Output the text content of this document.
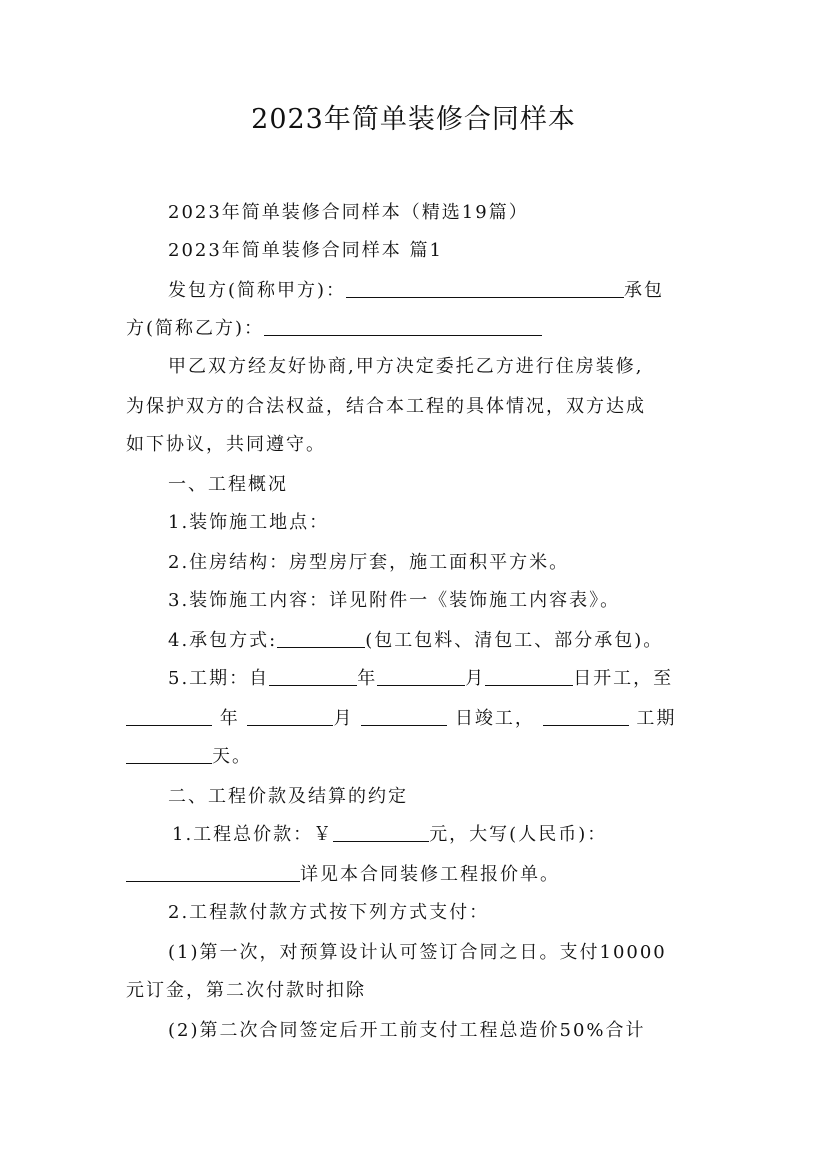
2023年简单装修合同样本
2023年简单装修合同样本（精选19篇）
2023年简单装修合同样本 篇1
发包方(简称甲方)：	承包
方(简称乙方)：
甲乙双方经友好协商,甲方决定委托乙方进行住房装修,
为保护双方的合法权益，结合本工程的具体情况，双方达成
如下协议，共同遵守。
一、工程概况
1.装饰施工地点：
2.住房结构：房型房厅套，施工面积平方米。
3.装饰施工内容：详见附件一《装饰施工内容表》。
4.承包方式:	(包工包料、清包工、部分承包)。
5.工期：自	年	月	日开工，至
年	月	日竣工，	工期
天。
二、工程价款及结算的约定
1.工程总价款：￥	元，大写(人民币)：
详见本合同装修工程报价单。
2.工程款付款方式按下列方式支付：
(1)第一次，对预算设计认可签订合同之日。支付10000
元订金，第二次付款时扣除
(2)第二次合同签定后开工前支付工程总造价50%合计
